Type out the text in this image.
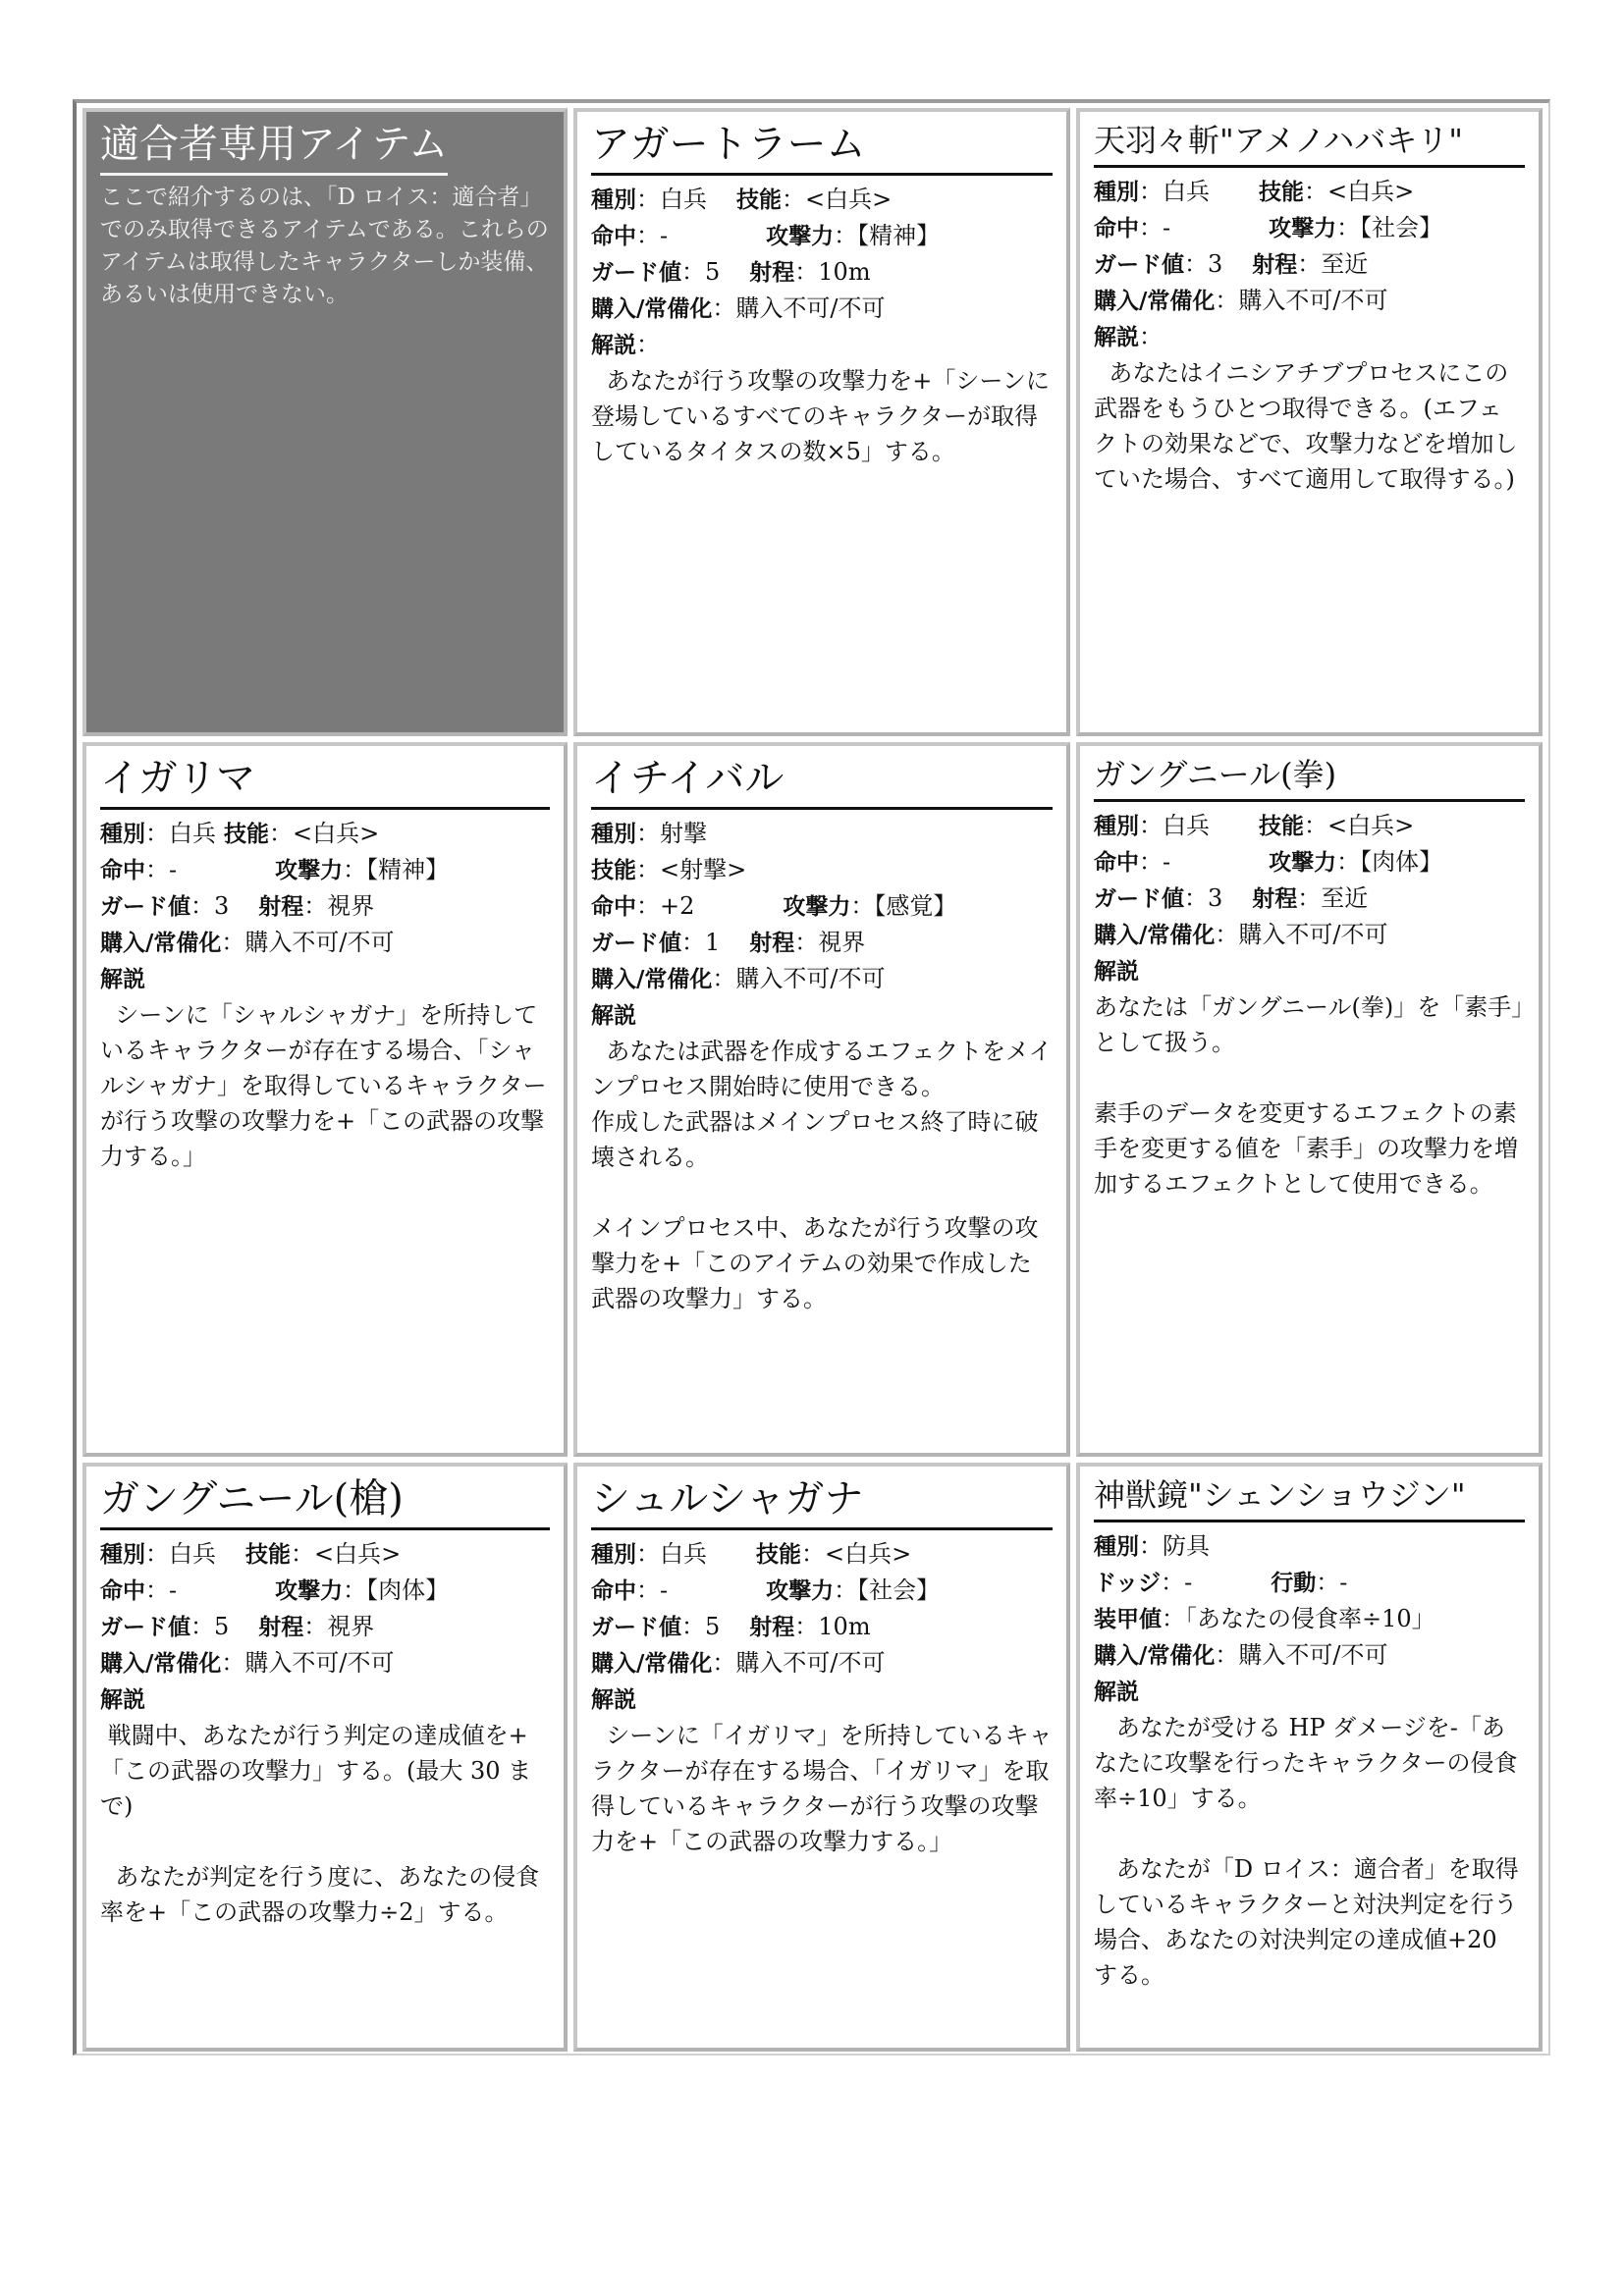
適合者専用アイテム

ここで紹介するのは、「D ロイス：適合者」でのみ取得できるアイテムである。これらのアイテムは取得したキャラクターしか装備、あるいは使用できない。

アガートラーム
種別：白兵 技能：<白兵>
命中：-	攻撃力：【精神】
ガード値：5 射程：10m
購入/常備化：購入不可/不可
解説：

あなたが行う攻撃の攻撃力を+「シーンに登場しているすべてのキャラクターが取得しているタイタスの数×5」する。

天羽々斬"アメノハバキリ"
種別：白兵 技能：<白兵>
命中：-	攻撃力：【社会】
ガード値：3 射程：至近
購入/常備化：購入不可/不可
解説：

あなたはイニシアチブプロセスにこの武器をもうひとつ取得できる。(エフェクトの効果などで、攻撃力などを増加していた場合、すべて適用して取得する。)

イガリマ
種別：白兵 技能：<白兵>
命中：-	攻撃力：【精神】
ガード値：3 射程：視界
購入/常備化：購入不可/不可
解説

シーンに「シャルシャガナ」を所持しているキャラクターが存在する場合、「シャルシャガナ」を取得しているキャラクターが行う攻撃の攻撃力を+「この武器の攻撃力する。」

イチイバル
種別：射撃
技能：<射撃>
命中：+2	攻撃力：【感覚】
ガード値：1 射程：視界
購入/常備化：購入不可/不可
解説

あなたは武器を作成するエフェクトをメインプロセス開始時に使用できる。
作成した武器はメインプロセス終了時に破壊される。

メインプロセス中、あなたが行う攻撃の攻撃力を+「このアイテムの効果で作成した武器の攻撃力」する。

ガングニール(拳)
種別：白兵 技能：<白兵>
命中：-	攻撃力：【肉体】
ガード値：3 射程：至近
購入/常備化：購入不可/不可
解説

あなたは「ガングニール(拳)」を「素手」として扱う。

素手のデータを変更するエフェクトの素手を変更する値を「素手」の攻撃力を増加するエフェクトとして使用できる。

ガングニール(槍)
種別：白兵 技能：<白兵>
命中：-	攻撃力：【肉体】
ガード値：5 射程：視界
購入/常備化：購入不可/不可
解説

戦闘中、あなたが行う判定の達成値を+「この武器の攻撃力」する。(最大 30 まで)

あなたが判定を行う度に、あなたの侵食率を+「この武器の攻撃力÷2」する。

シュルシャガナ
種別：白兵 技能：<白兵>
命中：-	攻撃力：【社会】
ガード値：5 射程：10m
購入/常備化：購入不可/不可
解説

シーンに「イガリマ」を所持しているキャラクターが存在する場合、「イガリマ」を取得しているキャラクターが行う攻撃の攻撃力を+「この武器の攻撃力する。」

神獣鏡"シェンショウジン"
種別：防具
ドッジ：-	行動：-
装甲値：「あなたの侵食率÷10」
購入/常備化：購入不可/不可
解説

あなたが受ける HP ダメージを-「あなたに攻撃を行ったキャラクターの侵食率÷10」する。

あなたが「D ロイス：適合者」を取得しているキャラクターと対決判定を行う場合、あなたの対決判定の達成値+20 する。
